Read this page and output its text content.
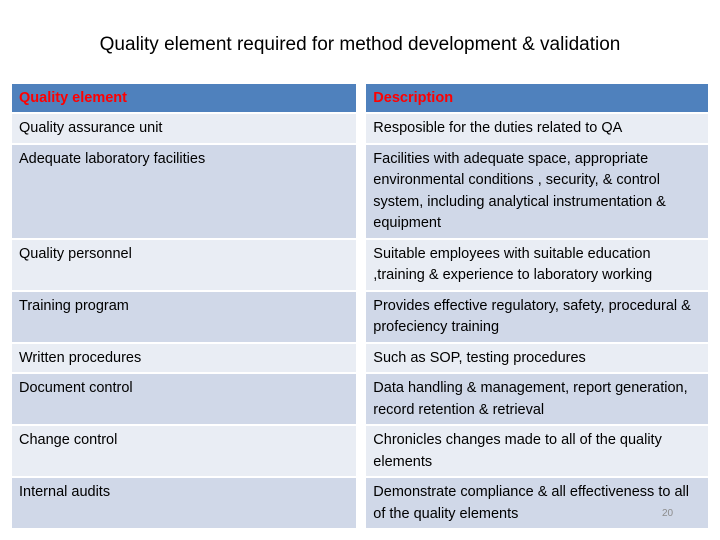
Quality element required for method development & validation
Quality element	Description
Quality assurance unit	Resposible for the duties related to QA
Adequate laboratory facilities	Facilities with adequate space, appropriate environmental conditions , security, & control system, including analytical instrumentation & equipment
Quality personnel	Suitable employees with suitable education ,training & experience to laboratory working
Training program	Provides effective regulatory, safety, procedural & profeciency training
Written procedures	Such as SOP, testing procedures
Document control	Data handling & management, report generation, record retention & retrieval
Change control	Chronicles changes made to all of the quality elements
Internal audits	Demonstrate compliance & all effectiveness to all of the quality elements	20
